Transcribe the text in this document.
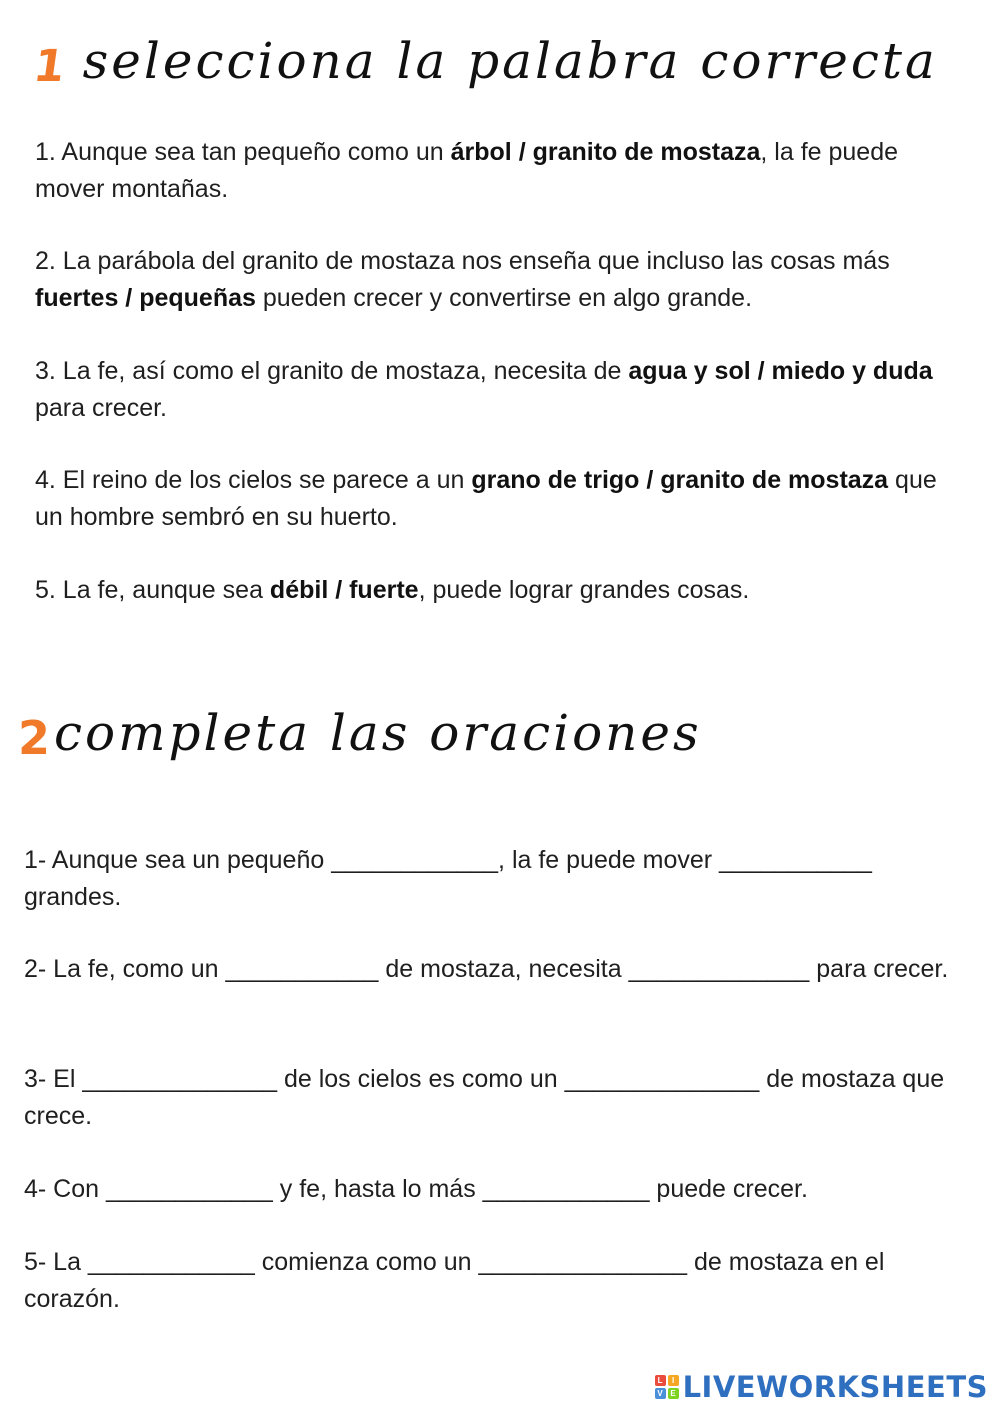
1 selecciona la palabra correcta

1. Aunque sea tan pequeño como un árbol / granito de mostaza, la fe puede mover montañas.

2. La parábola del granito de mostaza nos enseña que incluso las cosas más fuertes / pequeñas pueden crecer y convertirse en algo grande.

3. La fe, así como el granito de mostaza, necesita de agua y sol / miedo y duda para crecer.

4. El reino de los cielos se parece a un grano de trigo / granito de mostaza que un hombre sembró en su huerto.

5. La fe, aunque sea débil / fuerte, puede lograr grandes cosas.

2 completa las oraciones

1- Aunque sea un pequeño ____________, la fe puede mover ___________ grandes.

2- La fe, como un ___________ de mostaza, necesita _____________ para crecer.

3- El ______________ de los cielos es como un ______________ de mostaza que crece.

4- Con ____________ y fe, hasta lo más ____________ puede crecer.

5- La ____________ comienza como un _______________ de mostaza en el corazón.

L	I
V E LIVEWORKSHEETS
